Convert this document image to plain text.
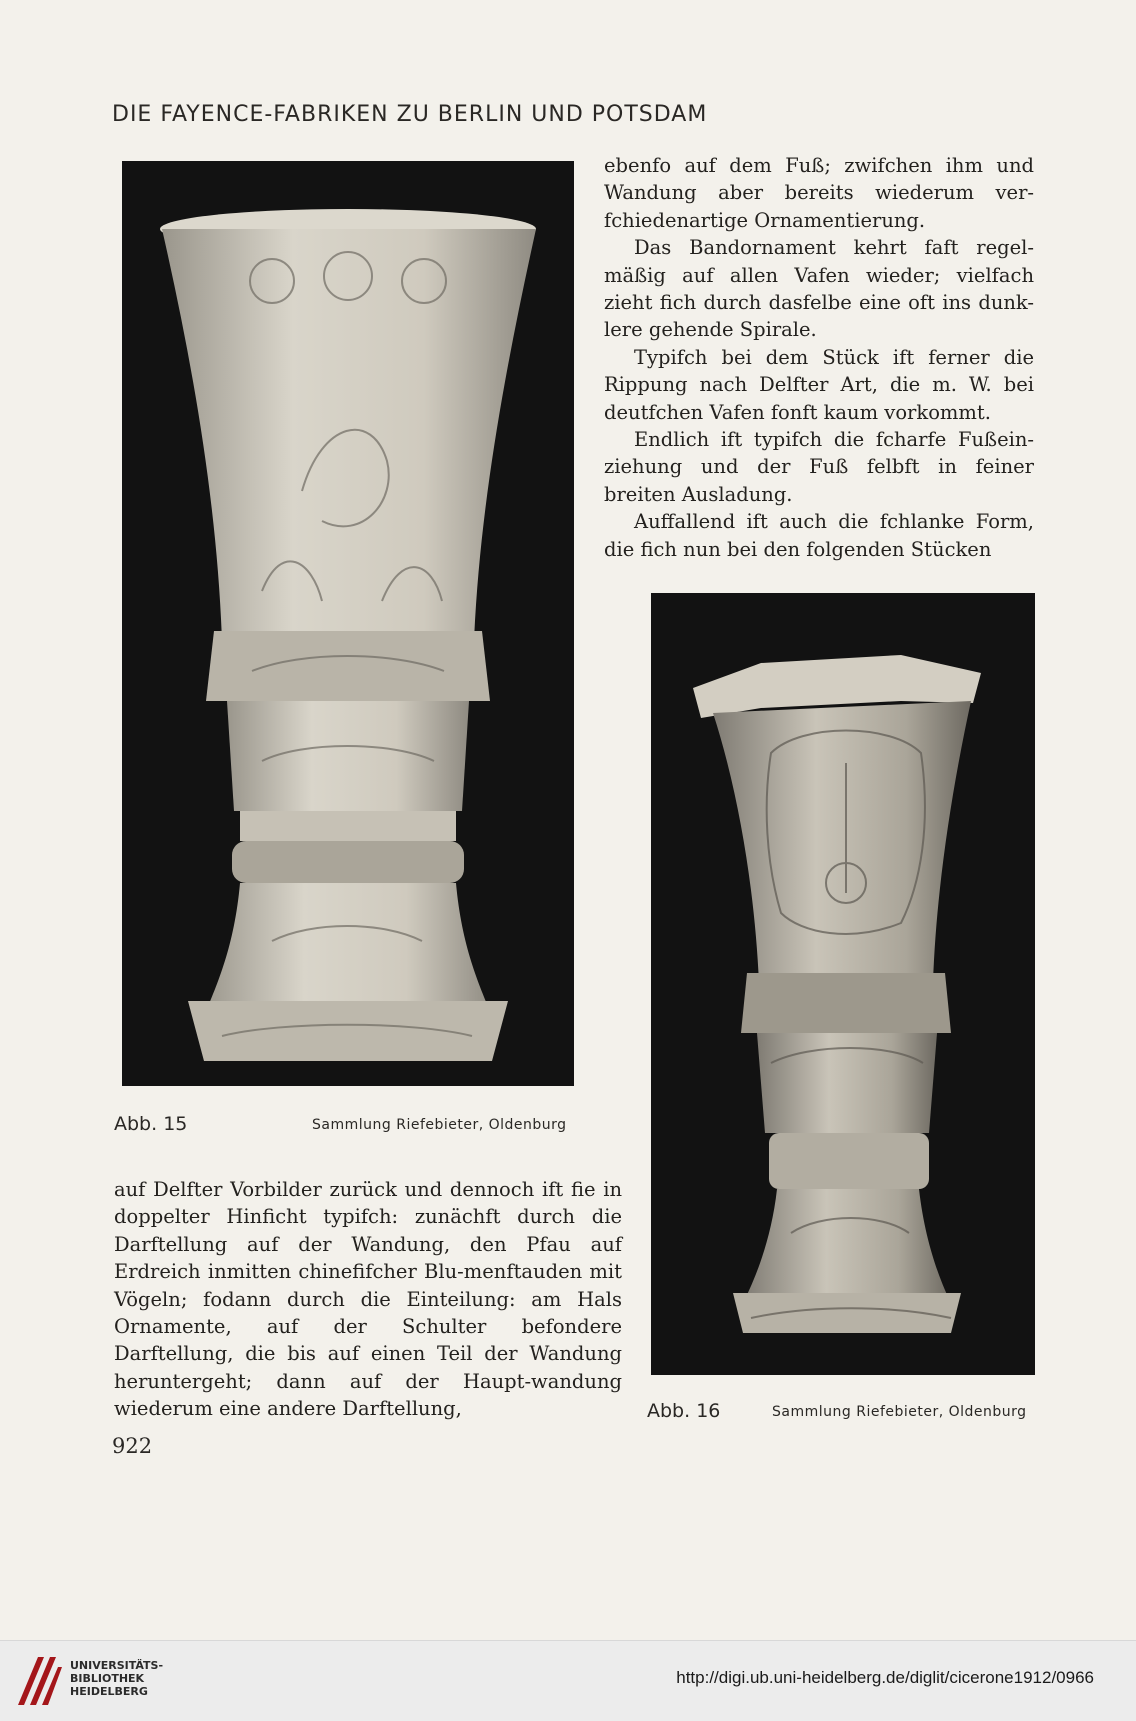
DIE FAYENCE-FABRIKEN ZU BERLIN UND POTSDAM
Abb. 15	Sammlung Riefebieter, Oldenburg
Abb. 16	Sammlung Riefebieter, Oldenburg

ebenfo auf dem Fuß; zwifchen ihm und Wandung aber bereits wiederum ver-fchiedenartige Ornamentierung.

Das Bandornament kehrt faft regel-mäßig auf allen Vafen wieder; vielfach zieht fich durch dasfelbe eine oft ins dunk-lere gehende Spirale.

Typifch bei dem Stück ift ferner die Rippung nach Delfter Art, die m. W. bei deutfchen Vafen fonft kaum vorkommt.

Endlich ift typifch die fcharfe Fußein-ziehung und der Fuß felbft in feiner breiten Ausladung.

Auffallend ift auch die fchlanke Form, die fich nun bei den folgenden Stücken

auf Delfter Vorbilder zurück und dennoch ift fie in doppelter Hinficht typifch: zunächft durch die Darftellung auf der Wandung, den Pfau auf Erdreich inmitten chinefifcher Blu-menftauden mit Vögeln; fodann durch die Einteilung: am Hals Ornamente, auf der Schulter befondere Darftellung, die bis auf einen Teil der Wandung heruntergeht; dann auf der Haupt-wandung wiederum eine andere Darftellung,

922
UNIVERSITÄTS-
BIBLIOTHEK
HEIDELBERG
http://digi.ub.uni-heidelberg.de/diglit/cicerone1912/0966
